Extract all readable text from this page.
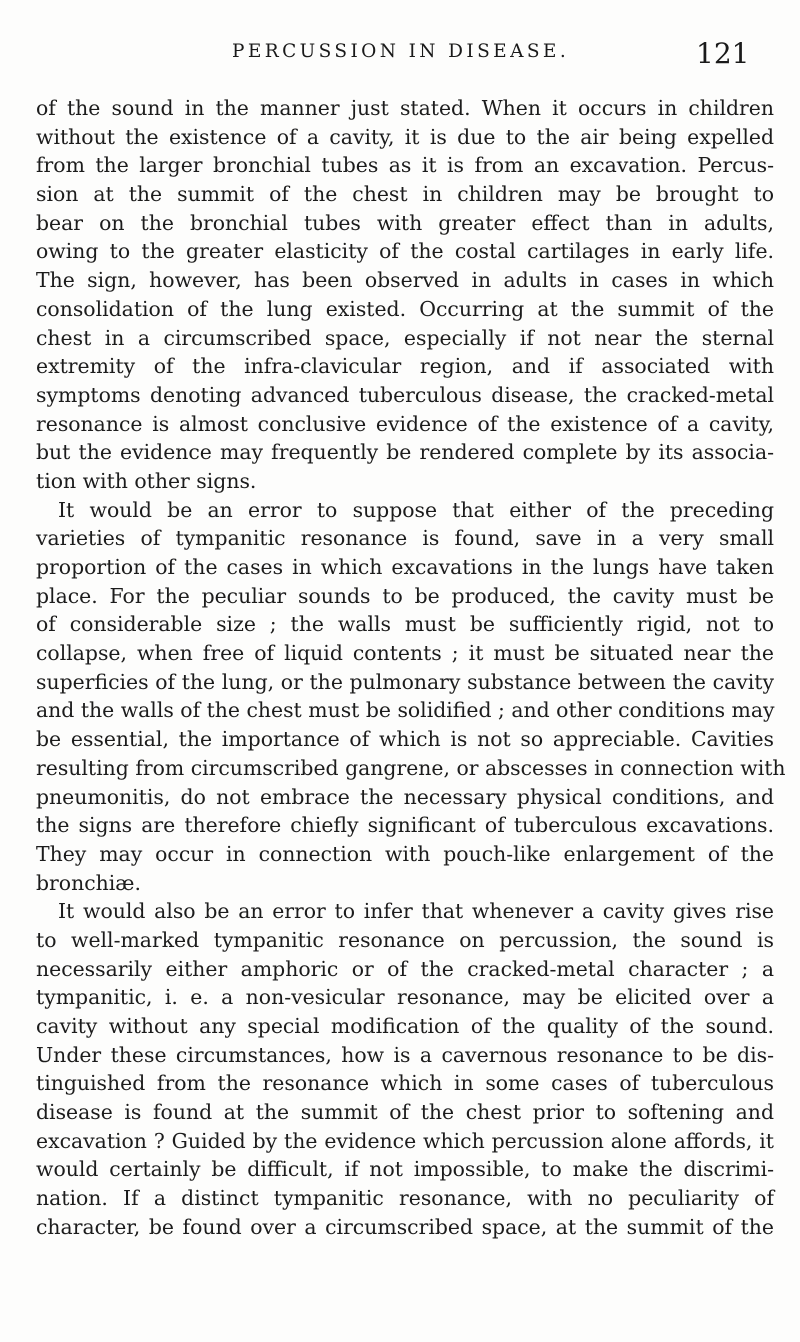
PERCUSSION IN DISEASE.	121
of the sound in the manner just stated. When it occurs in children
without the existence of a cavity, it is due to the air being expelled
from the larger bronchial tubes as it is from an excavation. Percus-
sion at the summit of the chest in children may be brought to
bear on the bronchial tubes with greater effect than in adults,
owing to the greater elasticity of the costal cartilages in early life.
The sign, however, has been observed in adults in cases in which
consolidation of the lung existed. Occurring at the summit of the
chest in a circumscribed space, especially if not near the sternal
extremity of the infra-clavicular region, and if associated with
symptoms denoting advanced tuberculous disease, the cracked-metal
resonance is almost conclusive evidence of the existence of a cavity,
but the evidence may frequently be rendered complete by its associa-
tion with other signs.
It would be an error to suppose that either of the preceding
varieties of tympanitic resonance is found, save in a very small
proportion of the cases in which excavations in the lungs have taken
place. For the peculiar sounds to be produced, the cavity must be
of considerable size ; the walls must be sufficiently rigid, not to
collapse, when free of liquid contents ; it must be situated near the
superficies of the lung, or the pulmonary substance between the cavity
and the walls of the chest must be solidified ; and other conditions may
be essential, the importance of which is not so appreciable. Cavities
resulting from circumscribed gangrene, or abscesses in connection with
pneumonitis, do not embrace the necessary physical conditions, and
the signs are therefore chiefly significant of tuberculous excavations.
They may occur in connection with pouch-like enlargement of the
bronchiæ.
It would also be an error to infer that whenever a cavity gives rise
to well-marked tympanitic resonance on percussion, the sound is
necessarily either amphoric or of the cracked-metal character ; a
tympanitic, i. e. a non-vesicular resonance, may be elicited over a
cavity without any special modification of the quality of the sound.
Under these circumstances, how is a cavernous resonance to be dis-
tinguished from the resonance which in some cases of tuberculous
disease is found at the summit of the chest prior to softening and
excavation ? Guided by the evidence which percussion alone affords, it
would certainly be difficult, if not impossible, to make the discrimi-
nation. If a distinct tympanitic resonance, with no peculiarity of
character, be found over a circumscribed space, at the summit of the
